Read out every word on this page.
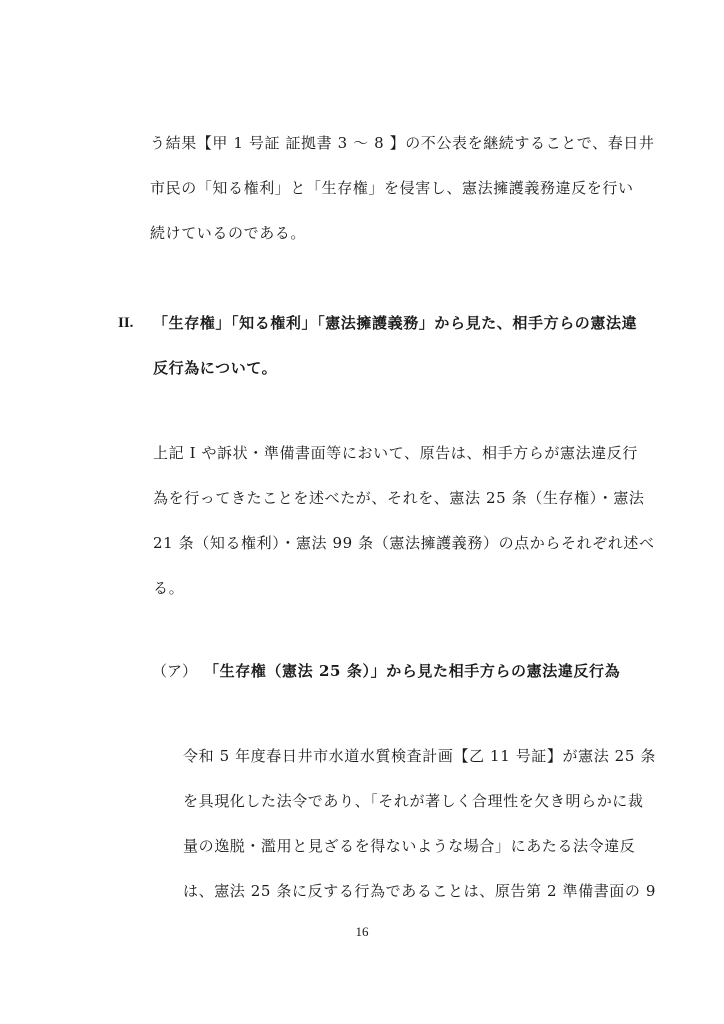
う結果【甲 1 号証 証拠書 3 〜 8 】の不公表を継続することで、春日井
市民の「知る権利」と「生存権」を侵害し、憲法擁護義務違反を行い
続けているのである。
II. 「生存権」「知る権利」「憲法擁護義務」から見た、相手方らの憲法違
反行為について。
上記 I や訴状・準備書面等において、原告は、相手方らが憲法違反行
為を行ってきたことを述べたが、それを、憲法 25 条（生存権）・憲法
21 条（知る権利）・憲法 99 条（憲法擁護義務）の点からそれぞれ述べ
る。
（ア） 「生存権（憲法 25 条）」から見た相手方らの憲法違反行為
令和 5 年度春日井市水道水質検査計画【乙 11 号証】が憲法 25 条
を具現化した法令であり、「それが著しく合理性を欠き明らかに裁
量の逸脱・濫用と見ざるを得ないような場合」にあたる法令違反
は、憲法 25 条に反する行為であることは、原告第 2 準備書面の 9
16
